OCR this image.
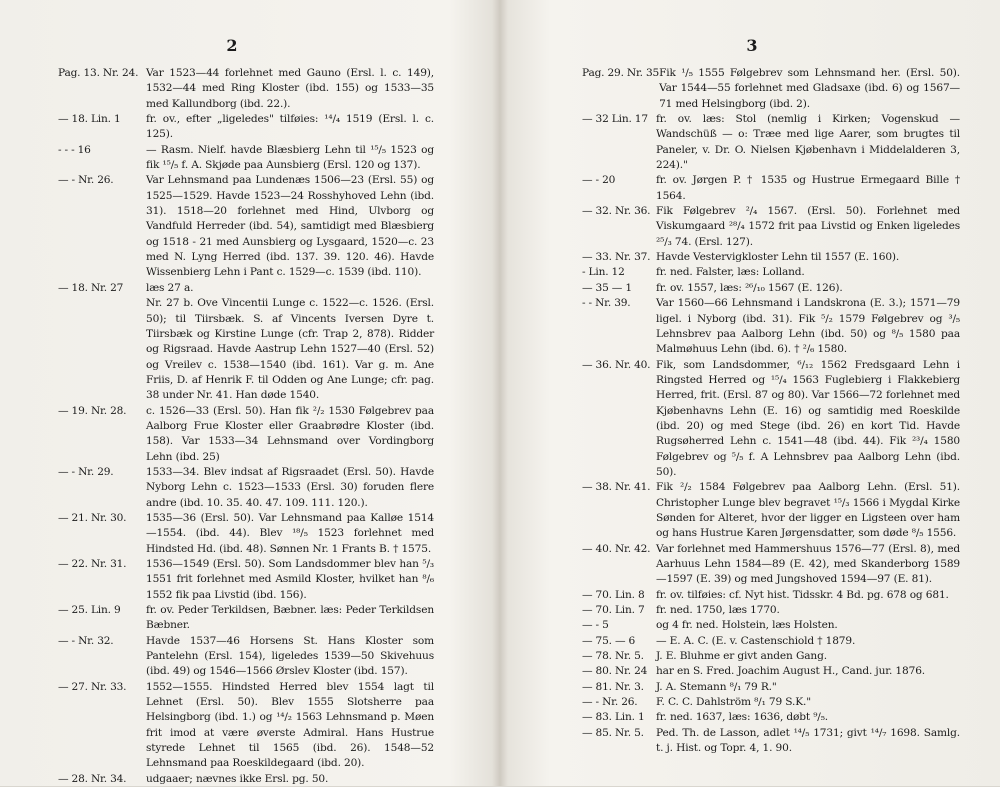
2
Pag. 13. Nr. 24. Var 1523—44 forlehnet med Gauno (Ersl. l. c. 149), 1532—44 med Ring Kloster (ibd. 155) og 1533—35 med Kallundborg (ibd. 22.).
— 18. Lin. 1	fr. ov., efter „ligeledes" tilføies: ¹⁴/₄ 1519 (Ersl. l. c. 125).
- - - 16	— Rasm. Nielf. havde Blæsbierg Lehn til ¹⁵/₅ 1523 og fik ¹⁵/₅ f. A. Skjøde paa Aunsbierg (Ersl. 120 og 137).
— - Nr. 26.	Var Lehnsmand paa Lundenæs 1506—23 (Ersl. 55) og 1525—1529. Havde 1523—24 Rosshyhoved Lehn (ibd. 31). 1518—20 forlehnet med Hind, Ulvborg og Vandfuld Herreder (ibd. 54), samtidigt med Blæsbierg og 1518 - 21 med Aunsbierg og Lysgaard, 1520—c. 23 med N. Lyng Herred (ibd. 137. 39. 120. 46). Havde Wissenbierg Lehn i Pant c. 1529—c. 1539 (ibd. 110).
— 18. Nr. 27	læs 27 a.
Nr. 27 b. Ove Vincentii Lunge c. 1522—c. 1526. (Ersl. 50); til Tiirsbæk. S. af Vincents Iversen Dyre t. Tiirsbæk og Kirstine Lunge (cfr. Trap 2, 878). Ridder og Rigsraad. Havde Aastrup Lehn 1527—40 (Ersl. 52) og Vreilev c. 1538—1540 (ibd. 161). Var g. m. Ane Friis, D. af Henrik F. til Odden og Ane Lunge; cfr. pag. 38 under Nr. 41. Han døde 1540.
— 19. Nr. 28.	c. 1526—33 (Ersl. 50). Han fik ²/₂ 1530 Følgebrev paa Aalborg Frue Kloster eller Graabrødre Kloster (ibd. 158). Var 1533—34 Lehnsmand over Vordingborg Lehn (ibd. 25)
— - Nr. 29.	1533—34. Blev indsat af Rigsraadet (Ersl. 50). Havde Nyborg Lehn c. 1523—1533 (Ersl. 30) foruden flere andre (ibd. 10. 35. 40. 47. 109. 111. 120.).
— 21. Nr. 30.	1535—36 (Ersl. 50). Var Lehnsmand paa Kalløe 1514—1554. (ibd. 44). Blev ¹⁸/₅ 1523 forlehnet med Hindsted Hd. (ibd. 48). Sønnen Nr. 1 Frants B. † 1575.
— 22. Nr. 31.	1536—1549 (Ersl. 50). Som Landsdommer blev han ⁵/₃ 1551 frit forlehnet med Asmild Kloster, hvilket han ⁸/₆ 1552 fik paa Livstid (ibd. 156).
— 25. Lin. 9	fr. ov. Peder Terkildsen, Bæbner. læs: Peder Terkildsen Bæbner.
— - Nr. 32.	Havde 1537—46 Horsens St. Hans Kloster som Pantelehn (Ersl. 154), ligeledes 1539—50 Skivehuus (ibd. 49) og 1546—1566 Ørslev Kloster (ibd. 157).
— 27. Nr. 33.	1552—1555. Hindsted Herred blev 1554 lagt til Lehnet (Ersl. 50). Blev 1555 Slotsherre paa Helsingborg (ibd. 1.) og ¹⁴/₂ 1563 Lehnsmand p. Møen frit imod at være øverste Admiral. Hans Hustrue styrede Lehnet til 1565 (ibd. 26). 1548—52 Lehnsmand paa Roeskildegaard (ibd. 20).
— 28. Nr. 34.	udgaaer; nævnes ikke Ersl. pg. 50.
3
Pag. 29. Nr. 35 Fik ¹/₅ 1555 Følgebrev som Lehnsmand her. (Ersl. 50). Var 1544—55 forlehnet med Gladsaxe (ibd. 6) og 1567—71 med Helsingborg (ibd. 2).
— 32 Lin. 17 fr. ov. læs: Stol (nemlig i Kirken; Vogenskud — Wandschüß — o: Træe med lige Aarer, som brugtes til Paneler, v. Dr. O. Nielsen Kjøbenhavn i Middelalderen 3, 224)."
— - 20	fr. ov. Jørgen P. † 1535 og Hustrue Ermegaard Bille † 1564.
— 32. Nr. 36. Fik Følgebrev ²/₄ 1567. (Ersl. 50). Forlehnet med Viskumgaard ²⁸/₄ 1572 frit paa Livstid og Enken ligeledes ²⁵/₃ 74. (Ersl. 127).
— 33. Nr. 37. Havde Vestervigkloster Lehn til 1557 (E. 160).
- Lin. 12	fr. ned. Falster, læs: Lolland.
— 35 — 1	fr. ov. 1557, læs: ²⁶/₁₀ 1567 (E. 126).
- - Nr. 39.	Var 1560—66 Lehnsmand i Landskrona (E. 3.); 1571—79 ligel. i Nyborg (ibd. 31). Fik ⁵/₂ 1579 Følgebrev og ³/₅ Lehnsbrev paa Aalborg Lehn (ibd. 50) og ⁸/₅ 1580 paa Malmøhuus Lehn (ibd. 6). † ²/₆ 1580.
— 36. Nr. 40. Fik, som Landsdommer, ⁶/₁₂ 1562 Fredsgaard Lehn i Ringsted Herred og ¹⁵/₄ 1563 Fuglebierg i Flakkebierg Herred, frit. (Ersl. 87 og 80). Var 1566—72 forlehnet med Kjøbenhavns Lehn (E. 16) og samtidig med Roeskilde (ibd. 20) og med Stege (ibd. 26) en kort Tid. Havde Rugsøherred Lehn c. 1541—48 (ibd. 44). Fik ²³/₄ 1580 Følgebrev og ⁵/₅ f. A Lehnsbrev paa Aalborg Lehn (ibd. 50).
— 38. Nr. 41. Fik ²/₂ 1584 Følgebrev paa Aalborg Lehn. (Ersl. 51). Christopher Lunge blev begravet ¹⁵/₃ 1566 i Mygdal Kirke Sønden for Alteret, hvor der ligger en Ligsteen over ham og hans Hustrue Karen Jørgensdatter, som døde ⁸/₅ 1556.
— 40. Nr. 42. Var forlehnet med Hammershuus 1576—77 (Ersl. 8), med Aarhuus Lehn 1584—89 (E. 42), med Skanderborg 1589—1597 (E. 39) og med Jungshoved 1594—97 (E. 81).
— 70. Lin. 8	fr. ov. tilføies: cf. Nyt hist. Tidsskr. 4 Bd. pg. 678 og 681.
— 70. Lin. 7	fr. ned. 1750, læs 1770.
— - 5	og 4 fr. ned. Holstein, læs Holsten.
— 75. — 6	— E. A. C. (E. v. Castenschiold † 1879.
— 78. Nr. 5.	J. E. Bluhme er givt anden Gang.
— 80. Nr. 24 har en S. Fred. Joachim August H., Cand. jur. 1876.
— 81. Nr. 3.	J. A. Stemann ⁸/₁ 79 R."
— - Nr. 26.	F. C. C. Dahlström ⁸/₁ 79 S.K."
— 83. Lin. 1	fr. ned. 1637, læs: 1636, døbt ⁹/₅.
— 85. Nr. 5.	Ped. Th. de Lasson, adlet ¹⁴/₅ 1731; givt ¹⁴/₇ 1698. Samlg. t. j. Hist. og Topr. 4, 1. 90.
